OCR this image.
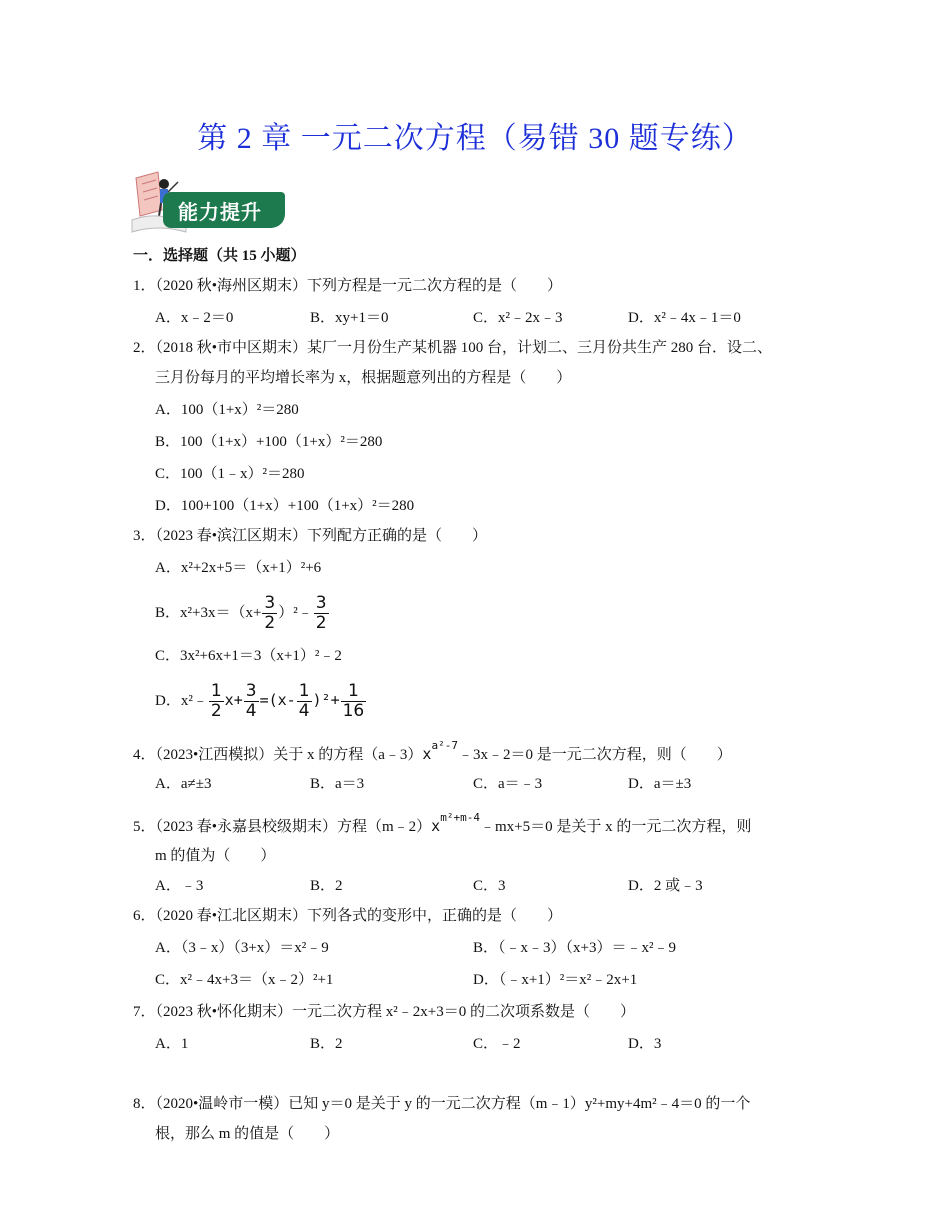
第 2 章 一元二次方程（易错 30 题专练）
能力提升
一．选择题（共 15 小题）
1．（2020 秋•海州区期末）下列方程是一元二次方程的是（　　）
A．x﹣2＝0	B．xy+1＝0	C．x²﹣2x﹣3	D．x²﹣4x﹣1＝0
2．（2018 秋•市中区期末）某厂一月份生产某机器 100 台，计划二、三月份共生产 280 台．设二、
三月份每月的平均增长率为 x，根据题意列出的方程是（　　）
A．100（1+x）²＝280
B．100（1+x）+100（1+x）²＝280
C．100（1﹣x）²＝280
D．100+100（1+x）+100（1+x）²＝280
3．（2023 春•滨江区期末）下列配方正确的是（　　）
A．x²+2x+5＝（x+1）²+6
B．$x^2+3x=(x+ \frac{3}{2}$ ）²﹣ $\frac{3}{2}$
C．3x²+6x+1＝3（x+1）²﹣2
D．x²﹣ $\frac{1}{2} x+ \frac{3}{4} =(x- \frac{1}{4} )^2+ \frac{1}{16}$
4．（2023•江西模拟）关于 x 的方程$(a﹣3)x^{a^2-7}﹣3x﹣2=0$ 是一元二次方程，则（　　）
A．a≠±3	B．a＝3	C．a＝﹣3	D．a＝±3
5．（2023 春•永嘉县校级期末）方程$(m﹣2)x^{m^2+m-4}﹣mx+5=0$ 是关于 x 的一元二次方程，则
m 的值为（　　）
A．﹣3	B．2	C．3	D．2 或﹣3
6．（2020 春•江北区期末）下列各式的变形中，正确的是（　　）
A．（3﹣x）（3+x）＝x²﹣9	B．（﹣x﹣3）（x+3）＝﹣x²﹣9
C．x²﹣4x+3＝（x﹣2）²+1	D．（﹣x+1）²＝x²﹣2x+1
7．（2023 秋•怀化期末）一元二次方程 x²﹣2x+3＝0 的二次项系数是（　　）
A．1	B．2	C．﹣2	D．3
8．（2020•温岭市一模）已知 y＝0 是关于 y 的一元二次方程（m﹣1）y²+my+4m²﹣4＝0 的一个
根，那么 m 的值是（　　）
